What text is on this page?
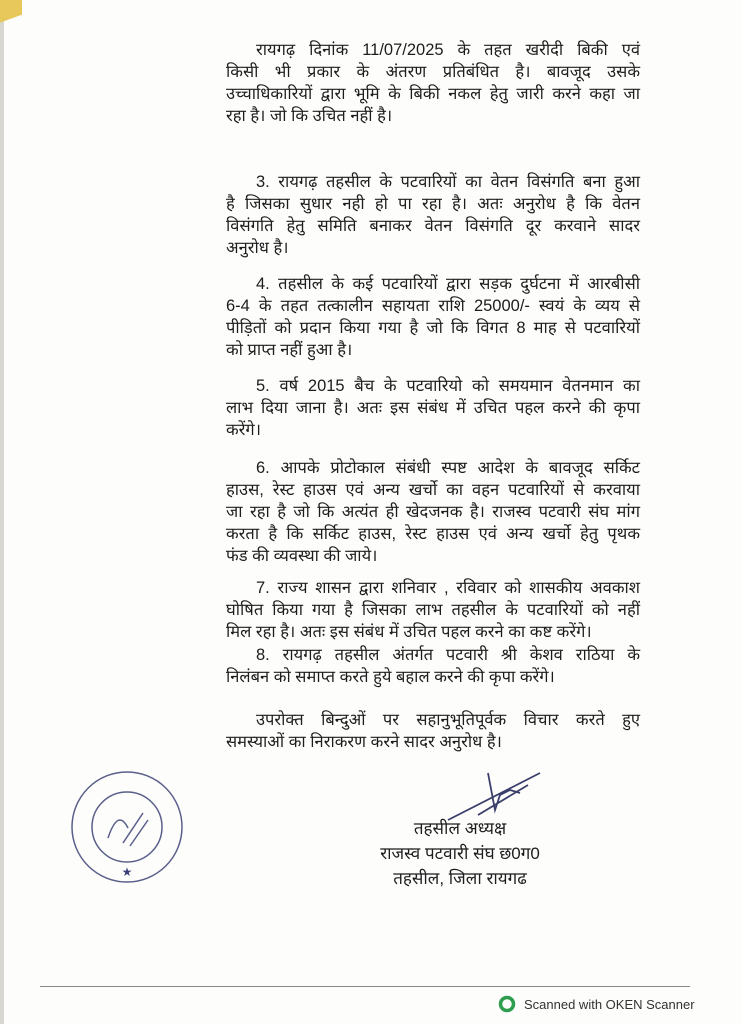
रायगढ़ दिनांक 11/07/2025 के तहत खरीदी बिकी एवं
किसी भी प्रकार के अंतरण प्रतिबंधित है। बावजूद उसके
उच्चाधिकारियों द्वारा भूमि के बिकी नकल हेतु जारी करने कहा जा
रहा है। जो कि उचित नहीं है।
3. रायगढ़ तहसील के पटवारियों का वेतन विसंगति बना हुआ
है जिसका सुधार नही हो पा रहा है। अतः अनुरोध है कि वेतन
विसंगति हेतु समिति बनाकर वेतन विसंगति दूर करवाने सादर
अनुरोध है।
4. तहसील के कई पटवारियों द्वारा सड़क दुर्घटना में आरबीसी
6-4 के तहत तत्कालीन सहायता राशि 25000/- स्वयं के व्यय से
पीड़ितों को प्रदान किया गया है जो कि विगत 8 माह से पटवारियों
को प्राप्त नहीं हुआ है।
5. वर्ष 2015 बैच के पटवारियो को समयमान वेतनमान का
लाभ दिया जाना है। अतः इस संबंध में उचित पहल करने की कृपा
करेंगे।
6. आपके प्रोटोकाल संबंधी स्पष्ट आदेश के बावजूद सर्किट
हाउस, रेस्ट हाउस एवं अन्य खर्चो का वहन पटवारियों से करवाया
जा रहा है जो कि अत्यंत ही खेदजनक है। राजस्व पटवारी संघ मांग
करता है कि सर्किट हाउस, रेस्ट हाउस एवं अन्य खर्चो हेतु पृथक
फंड की व्यवस्था की जाये।
7. राज्य शासन द्वारा शनिवार , रविवार को शासकीय अवकाश
घोषित किया गया है जिसका लाभ तहसील के पटवारियों को नहीं
मिल रहा है। अतः इस संबंध में उचित पहल करने का कष्ट करेंगे।
8. रायगढ़ तहसील अंतर्गत पटवारी श्री केशव राठिया के
निलंबन को समाप्त करते हुये बहाल करने की कृपा करेंगे।
उपरोक्त बिन्दुओं पर सहानुभूतिपूर्वक विचार करते हुए
समस्याओं का निराकरण करने सादर अनुरोध है।
तहसील अध्यक्ष
राजस्व पटवारी संघ छ0ग0
तहसील, जिला रायगढ
★
Scanned with OKEN Scanner
